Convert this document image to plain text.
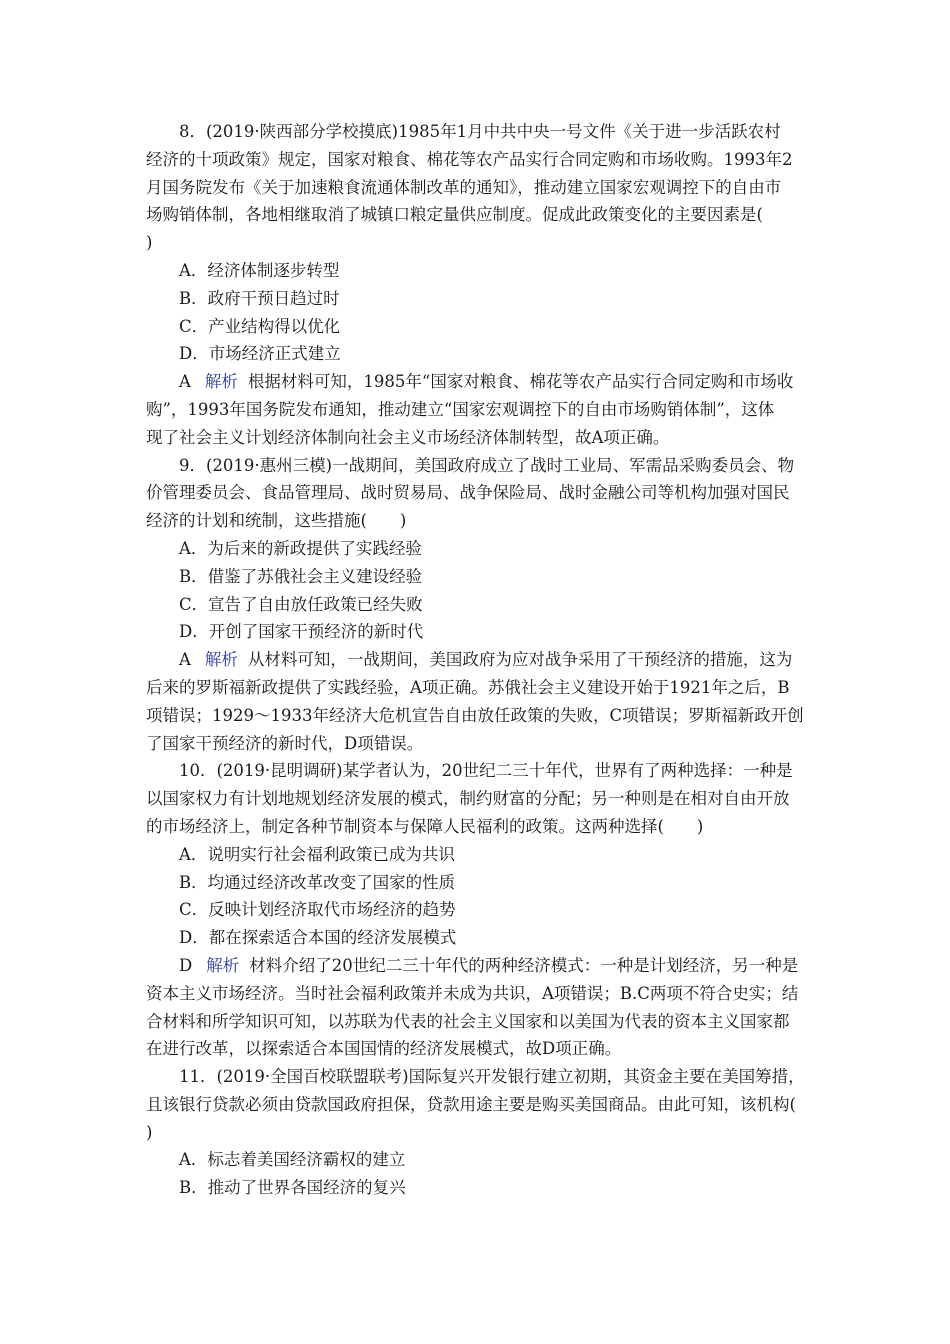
8．(2019·陕西部分学校摸底)1985年1月中共中央一号文件《关于进一步活跃农村
经济的十项政策》规定，国家对粮食、棉花等农产品实行合同定购和市场收购。1993年2
月国务院发布《关于加速粮食流通体制改革的通知》，推动建立国家宏观调控下的自由市
场购销体制，各地相继取消了城镇口粮定量供应制度。促成此政策变化的主要因素是(
)
A．经济体制逐步转型
B．政府干预日趋过时
C．产业结构得以优化
D．市场经济正式建立
A 解析 根据材料可知，1985年“国家对粮食、棉花等农产品实行合同定购和市场收
购”，1993年国务院发布通知，推动建立“国家宏观调控下的自由市场购销体制”，这体
现了社会主义计划经济体制向社会主义市场经济体制转型，故A项正确。
9．(2019·惠州三模)一战期间，美国政府成立了战时工业局、军需品采购委员会、物
价管理委员会、食品管理局、战时贸易局、战争保险局、战时金融公司等机构加强对国民
经济的计划和统制，这些措施(　　)
A．为后来的新政提供了实践经验
B．借鉴了苏俄社会主义建设经验
C．宣告了自由放任政策已经失败
D．开创了国家干预经济的新时代
A 解析 从材料可知，一战期间，美国政府为应对战争采用了干预经济的措施，这为
后来的罗斯福新政提供了实践经验，A项正确。苏俄社会主义建设开始于1921年之后，B
项错误；1929～1933年经济大危机宣告自由放任政策的失败，C项错误；罗斯福新政开创
了国家干预经济的新时代，D项错误。
10．(2019·昆明调研)某学者认为，20世纪二三十年代，世界有了两种选择：一种是
以国家权力有计划地规划经济发展的模式，制约财富的分配；另一种则是在相对自由开放
的市场经济上，制定各种节制资本与保障人民福利的政策。这两种选择(　　)
A．说明实行社会福利政策已成为共识
B．均通过经济改革改变了国家的性质
C．反映计划经济取代市场经济的趋势
D．都在探索适合本国的经济发展模式
D 解析 材料介绍了20世纪二三十年代的两种经济模式：一种是计划经济，另一种是
资本主义市场经济。当时社会福利政策并未成为共识，A项错误；B.C两项不符合史实；结
合材料和所学知识可知，以苏联为代表的社会主义国家和以美国为代表的资本主义国家都
在进行改革，以探索适合本国国情的经济发展模式，故D项正确。
11．(2019·全国百校联盟联考)国际复兴开发银行建立初期，其资金主要在美国筹措，
且该银行贷款必须由贷款国政府担保，贷款用途主要是购买美国商品。由此可知，该机构(
)
A．标志着美国经济霸权的建立
B．推动了世界各国经济的复兴
